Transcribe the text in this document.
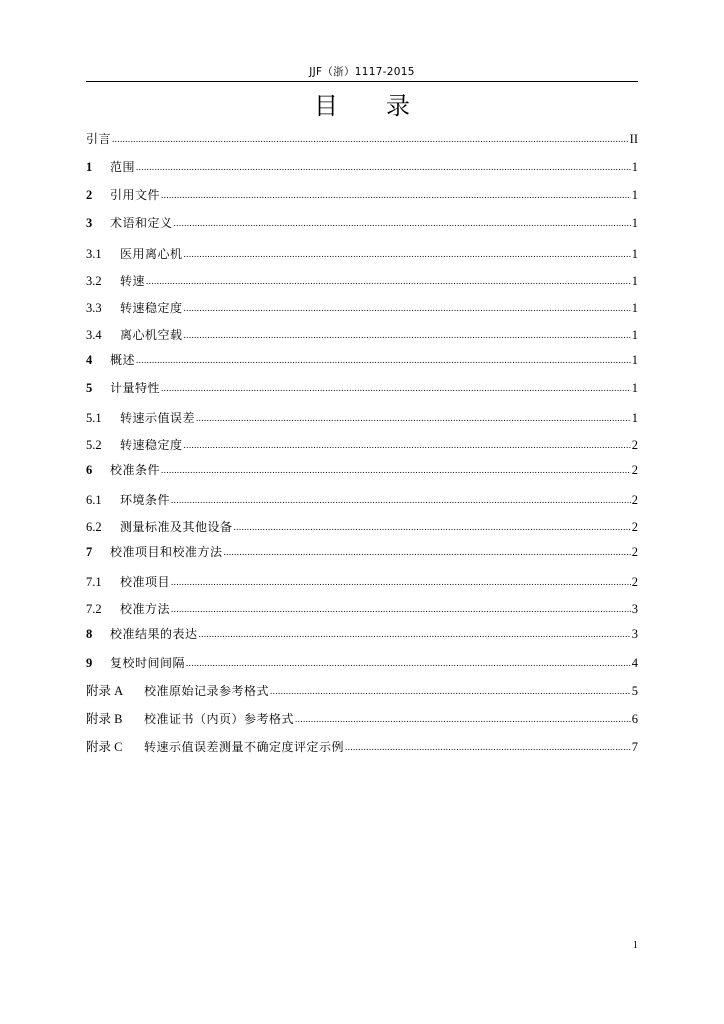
JJF（浙）1117-2015
目录
引言 .....	II
1	范围 .....	1
2	引用文件 .....	1
3	术语和定义 .....	1
3.1	医用离心机 .....	1
3.2	转速 .....	1
3.3	转速稳定度 .....	1
3.4	离心机空载 .....	1
4	概述 .....	1
5	计量特性 .....	1
5.1	转速示值误差 .....	1
5.2	转速稳定度 .....	2
6	校准条件 .....	2
6.1	环境条件 .....	2
6.2	测量标准及其他设备 .....	2
7	校准项目和校准方法 .....	2
7.1	校准项目 .....	2
7.2	校准方法 .....	3
8	校准结果的表达 .....	3
9	复校时间间隔 .....	4
附录 A	校准原始记录参考格式 .....	5
附录 B	校准证书（内页）参考格式 .....	6
附录 C	转速示值误差测量不确定度评定示例 .....	7
1
